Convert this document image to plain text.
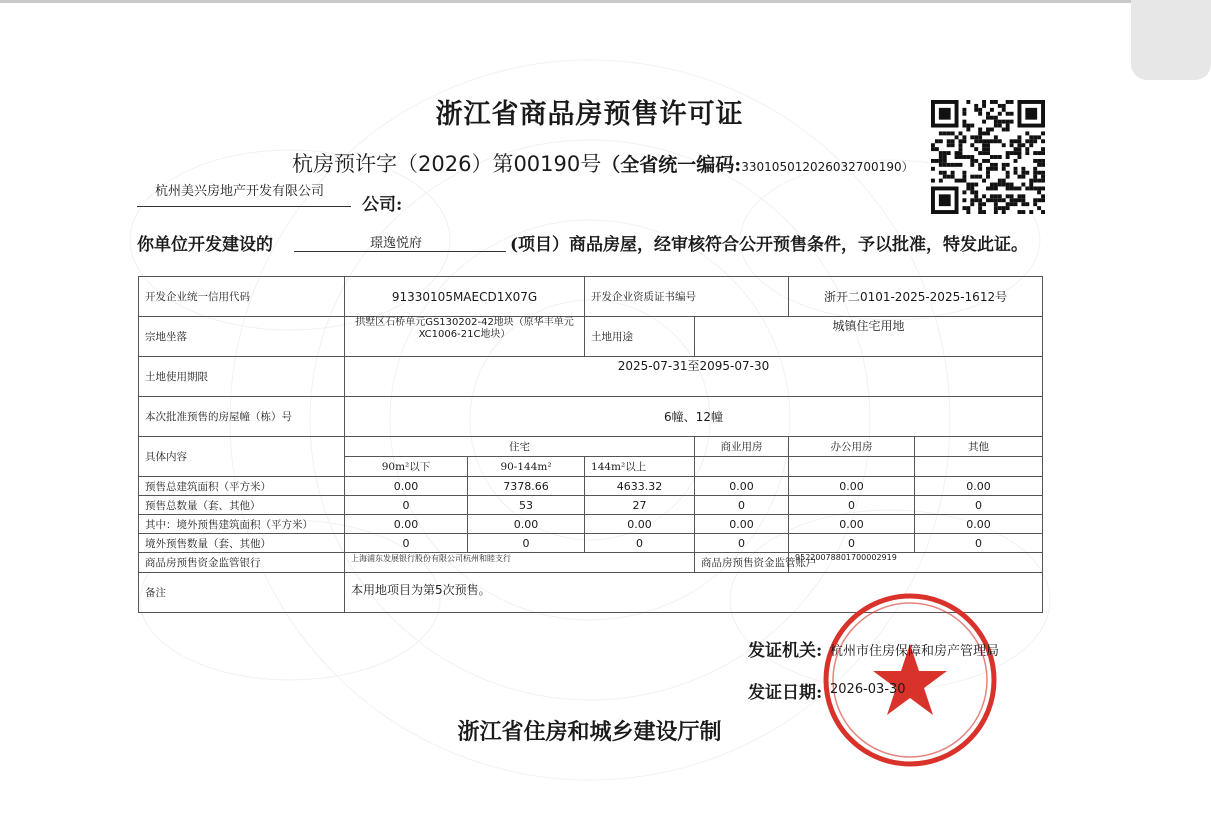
浙江省商品房预售许可证
杭房预许字（2026）第00190号（全省统一编码:330105012026032700190）
杭州美兴房地产开发有限公司
公司:
你单位开发建设的	璟逸悦府	(项目）商品房屋，经审核符合公开预售条件，予以批准，特发此证。
开发企业统一信用代码	91330105MAECD1X07G		开发企业资质证书编号		浙开二0101-2025-2025-1612号	
宗地坐落	拱墅区石桥单元GS130202-42地块（原华丰单元XC1006-21C地块）		土地用途	城镇住宅用地		
土地使用期限	2025-07-31至2095-07-30					
本次批准预售的房屋幢（栋）号	6幢、12幢					
具体内容	住宅			商业用房	办公用房	其他
	90m²以下	90-144m²	144m²以上			
预售总建筑面积（平方米）	0.00	7378.66	4633.32	0.00	0.00	0.00
预售总数量（套、其他）	0	53	27	0	0	0
其中：境外预售建筑面积（平方米）	0.00	0.00	0.00	0.00	0.00	0.00
境外预售数量（套、其他）	0	0	0	0	0	0
商品房预售资金监管银行	上海浦东发展银行股份有限公司杭州和睦支行			商品房预售资金监管账户	95220078801700002919	
备注	本用地项目为第5次预售。					
发证机关: 杭州市住房保障和房产管理局
发证日期: 2026-03-30
浙江省住房和城乡建设厅制
